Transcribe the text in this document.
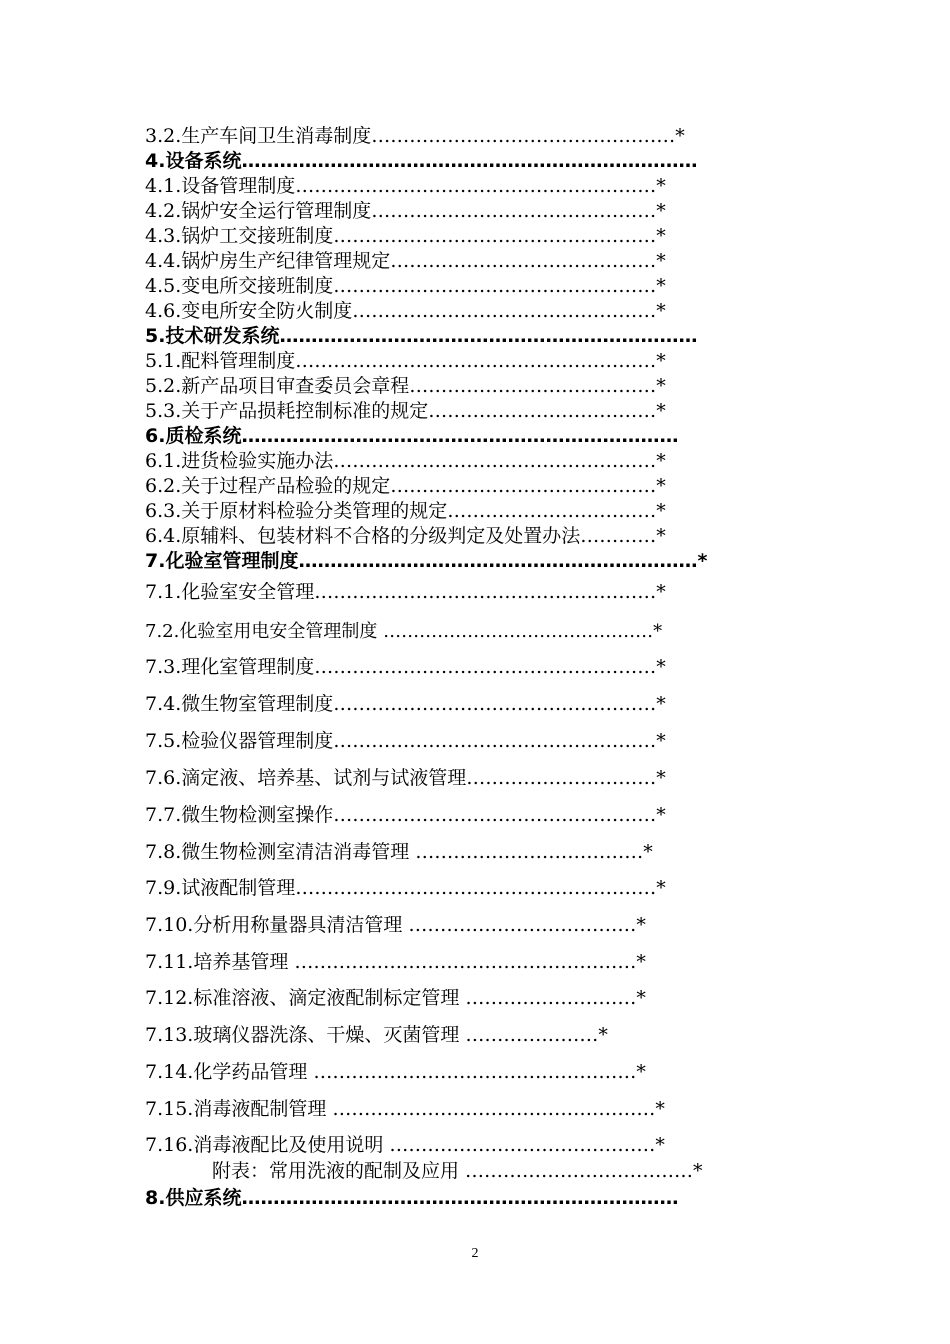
3.2.生产车间卫生消毒制度…………………………………………*
4.设备系统………………………………………………………………
4.1.设备管理制度…………………………………………………*
4.2.锅炉安全运行管理制度………………………………………*
4.3.锅炉工交接班制度……………………………………………*
4.4.锅炉房生产纪律管理规定……………………………………*
4.5.变电所交接班制度……………………………………………*
4.6.变电所安全防火制度…………………………………………*
5.技术研发系统…………………………………………………………
5.1.配料管理制度…………………………………………………*
5.2.新产品项目审查委员会章程…………………………………*
5.3.关于产品损耗控制标准的规定………………………………*
6.质检系统……………………………………………………………
6.1.进货检验实施办法……………………………………………*
6.2.关于过程产品检验的规定……………………………………*
6.3.关于原材料检验分类管理的规定……………………………*
6.4.原辅料、包装材料不合格的分级判定及处置办法…………*
7.化验室管理制度………………………………………………………*
7.1.化验室安全管理………………………………………………*
7.2.化验室用电安全管理制度 ………………………………………*
7.3.理化室管理制度………………………………………………*
7.4.微生物室管理制度……………………………………………*
7.5.检验仪器管理制度……………………………………………*
7.6.滴定液、培养基、试剂与试液管理…………………………*
7.7.微生物检测室操作……………………………………………*
7.8.微生物检测室清洁消毒管理 ………………………………*
7.9.试液配制管理…………………………………………………*
7.10.分析用称量器具清洁管理 ………………………………*
7.11.培养基管理 ………………………………………………*
7.12.标准溶液、滴定液配制标定管理 ………………………*
7.13.玻璃仪器洗涤、干燥、灭菌管理 …………………*
7.14.化学药品管理 ……………………………………………*
7.15.消毒液配制管理 ……………………………………………*
7.16.消毒液配比及使用说明 ……………………………………*
附表：常用洗液的配制及应用 ………………………………*
8.供应系统……………………………………………………………
2
